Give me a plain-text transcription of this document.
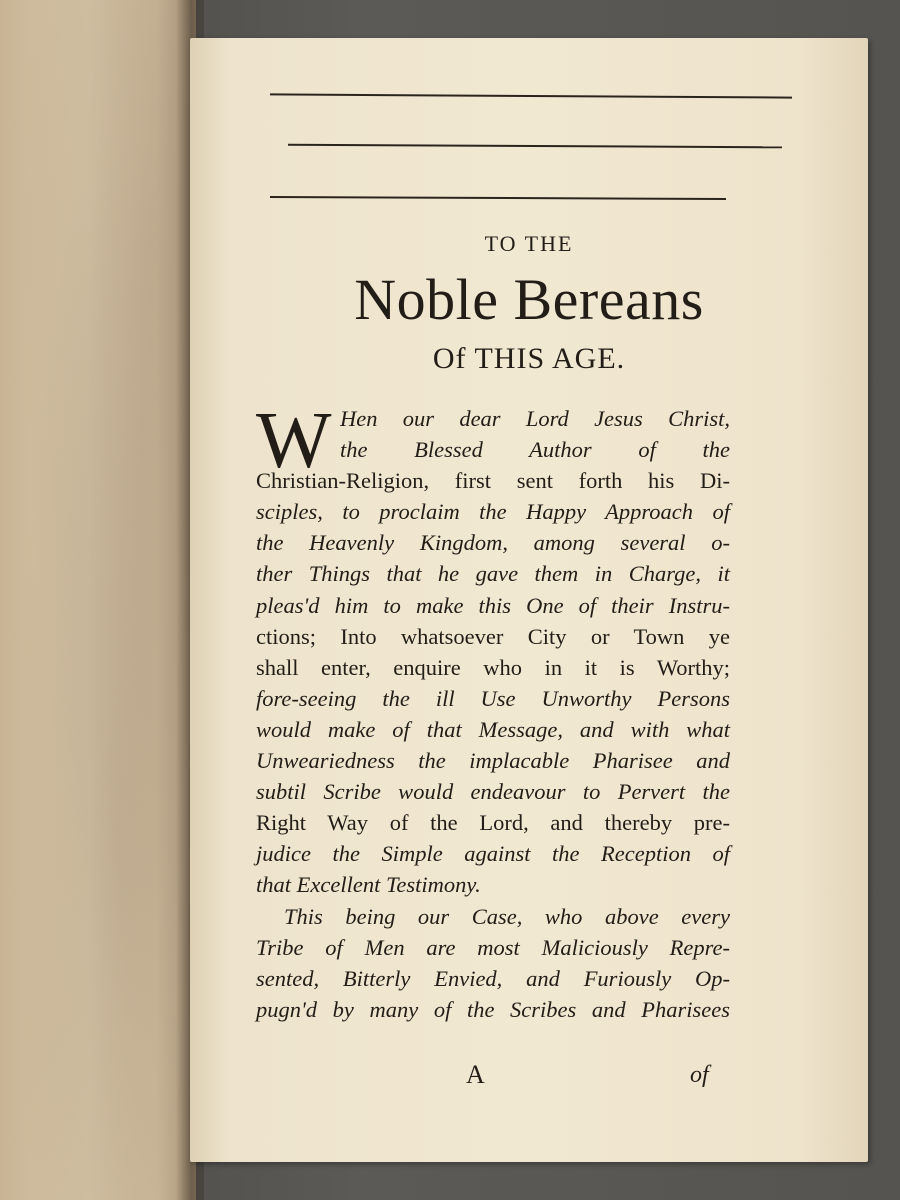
TO THE
Noble Bereans
Of THIS AGE.
W Hen our dear Lord Jesus Christ,
the Blessed Author of the
Christian-Religion, first sent forth his Di-
sciples, to proclaim the Happy Approach of
the Heavenly Kingdom, among several o-
ther Things that he gave them in Charge, it
pleas'd him to make this One of their Instru-
ctions; Into whatsoever City or Town ye
shall enter, enquire who in it is Worthy;
fore-seeing the ill Use Unworthy Persons
would make of that Message, and with what
Unweariedness the implacable Pharisee and
subtil Scribe would endeavour to Pervert the
Right Way of the Lord, and thereby pre-
judice the Simple against the Reception of
that Excellent Testimony.
This being our Case, who above every
Tribe of Men are most Maliciously Repre-
sented, Bitterly Envied, and Furiously Op-
pugn'd by many of the Scribes and Pharisees
A	of
